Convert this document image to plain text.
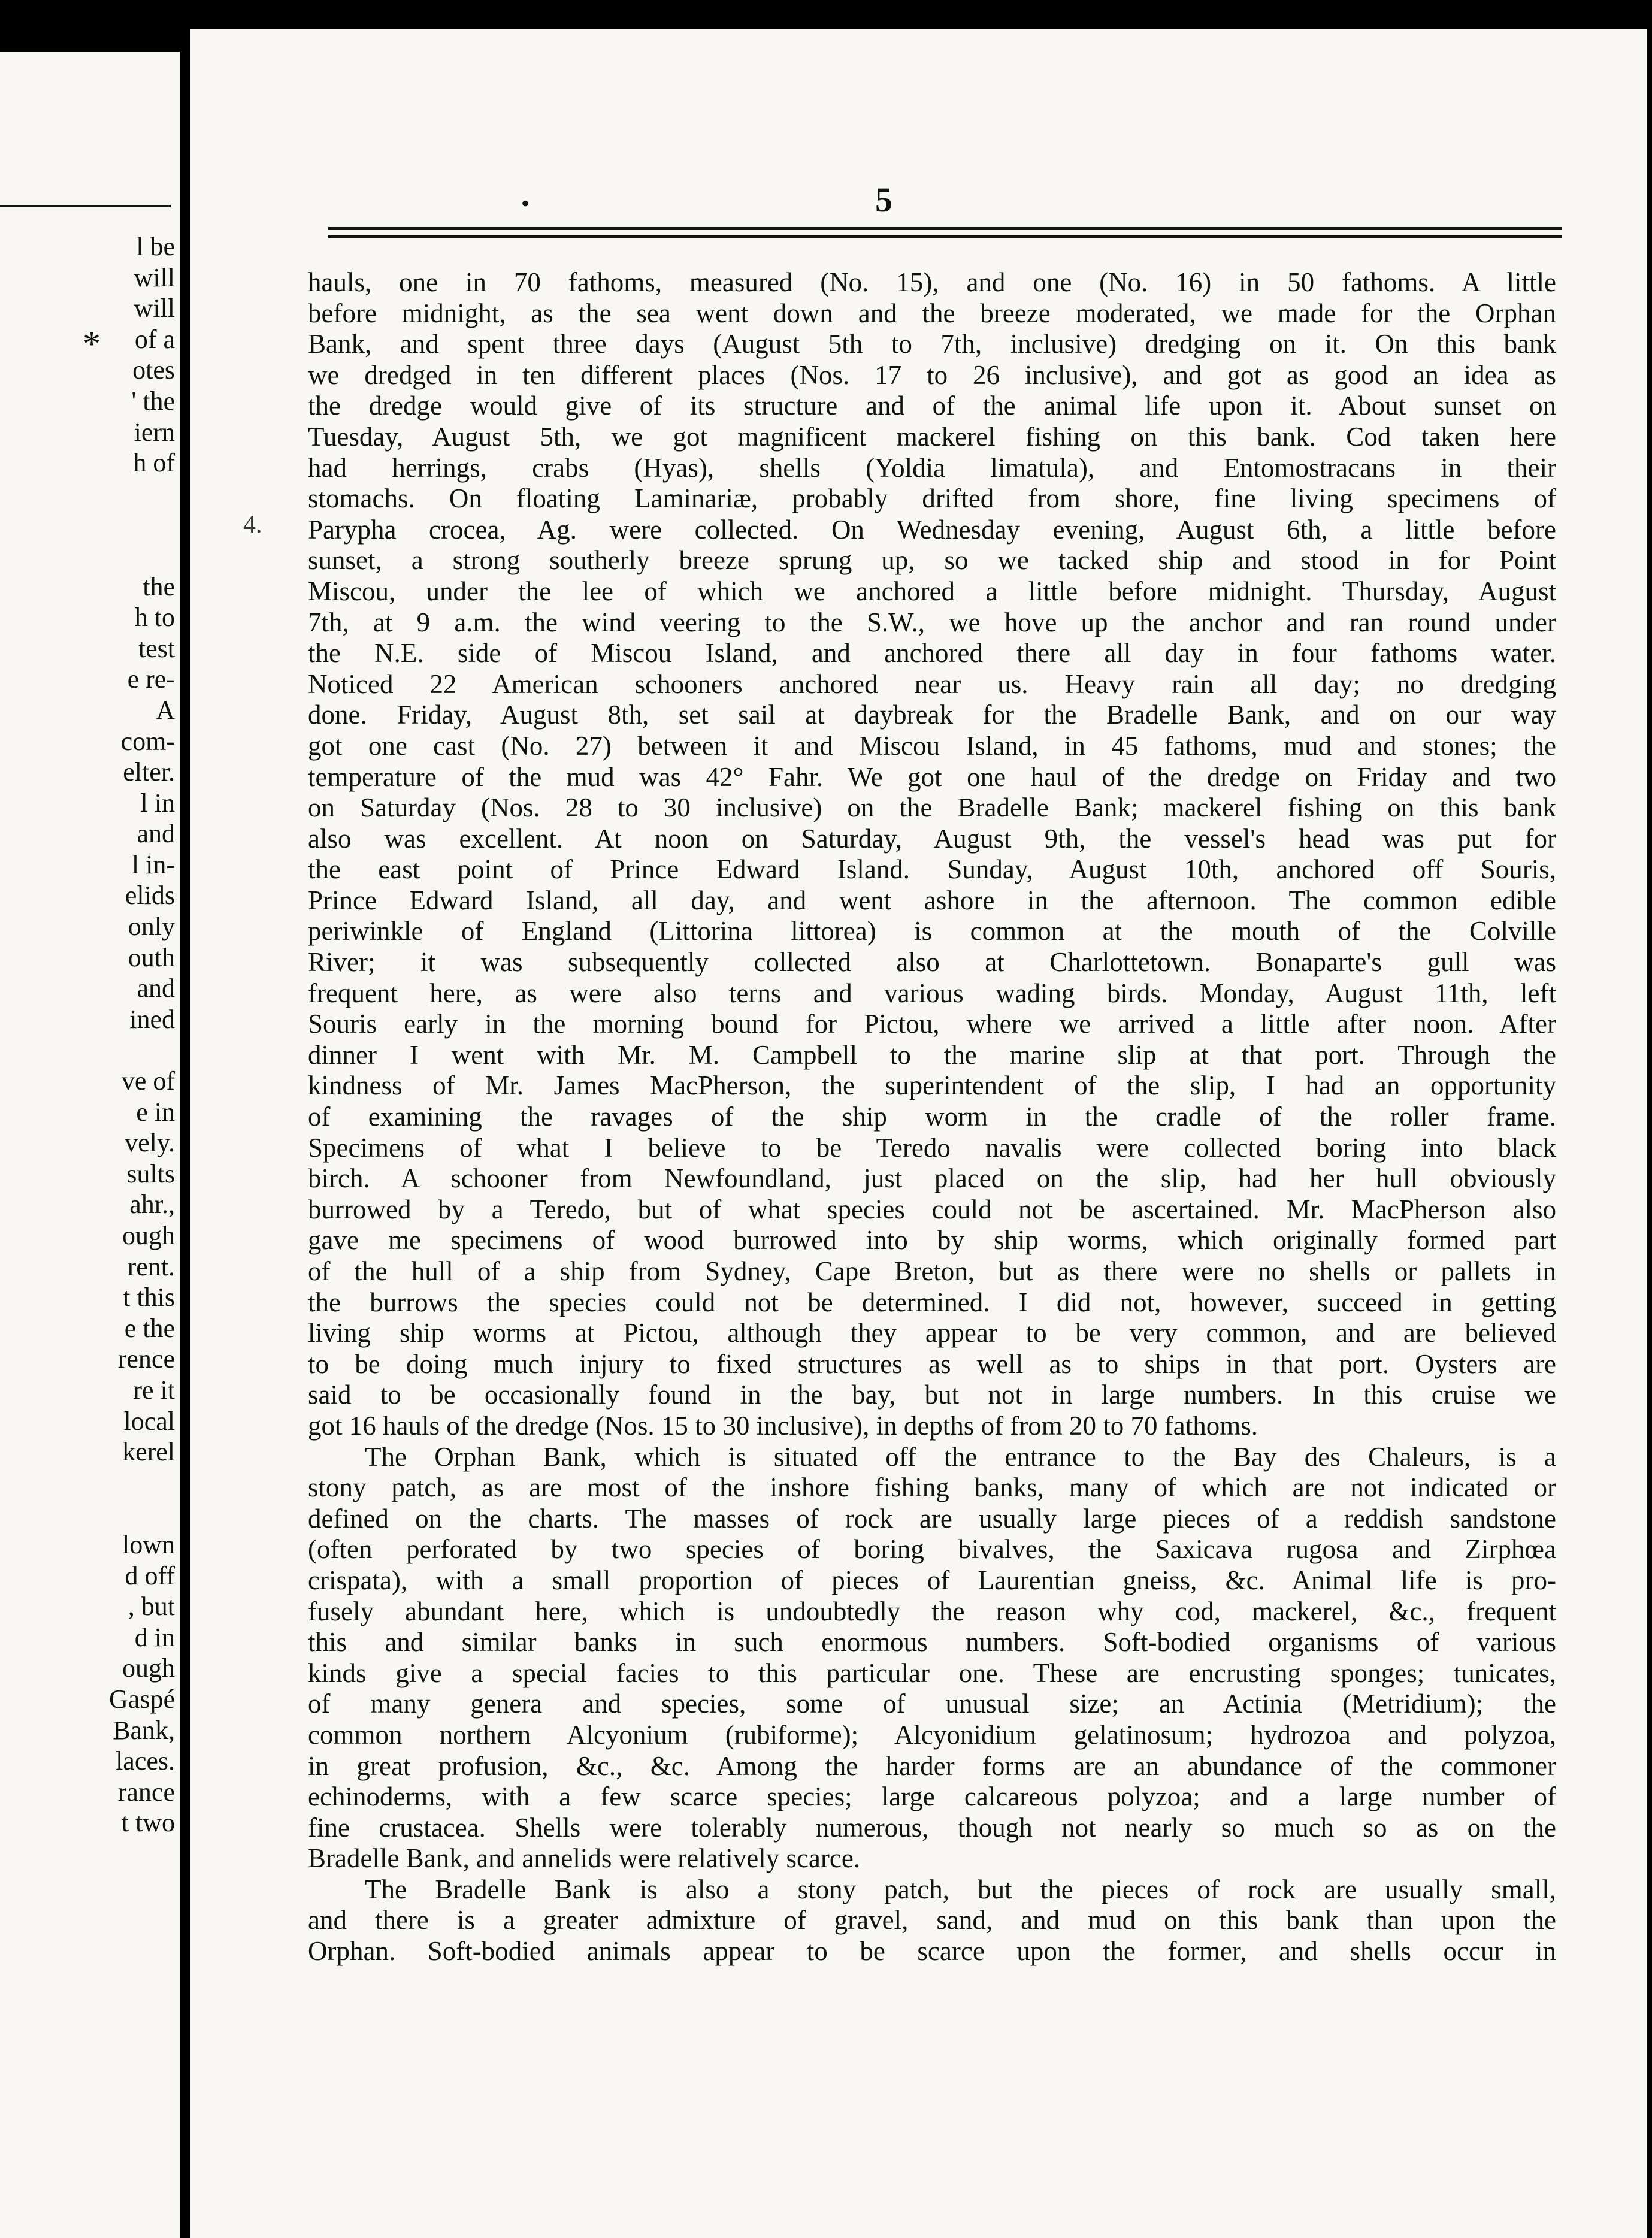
l be
will
will
of a
otes
' the
iern
h of
the
h to
test
e re-
A
com-
elter.
l in
and
l in-
elids
only
outh
and
ined
ve of
e in
vely.
sults
ahr.,
ough
rent.
t this
e the
rence
re it
local
kerel
lown
d off
, but
d in
ough
Gaspé
Bank,
laces.
rance
t two
*
•	5
4.
hauls, one in 70 fathoms, measured (No. 15), and one (No. 16) in 50 fathoms. A little
before midnight, as the sea went down and the breeze moderated, we made for the Orphan
Bank, and spent three days (August 5th to 7th, inclusive) dredging on it. On this bank
we dredged in ten different places (Nos. 17 to 26 inclusive), and got as good an idea as
the dredge would give of its structure and of the animal life upon it. About sunset on
Tuesday, August 5th, we got magnificent mackerel fishing on this bank. Cod taken here
had herrings, crabs (Hyas), shells (Yoldia limatula), and Entomostracans in their
stomachs. On floating Laminariæ, probably drifted from shore, fine living specimens of
Parypha crocea, Ag. were collected. On Wednesday evening, August 6th, a little before
sunset, a strong southerly breeze sprung up, so we tacked ship and stood in for Point
Miscou, under the lee of which we anchored a little before midnight. Thursday, August
7th, at 9 a.m. the wind veering to the S.W., we hove up the anchor and ran round under
the N.E. side of Miscou Island, and anchored there all day in four fathoms water.
Noticed 22 American schooners anchored near us. Heavy rain all day; no dredging
done. Friday, August 8th, set sail at daybreak for the Bradelle Bank, and on our way
got one cast (No. 27) between it and Miscou Island, in 45 fathoms, mud and stones; the
temperature of the mud was 42° Fahr. We got one haul of the dredge on Friday and two
on Saturday (Nos. 28 to 30 inclusive) on the Bradelle Bank; mackerel fishing on this bank
also was excellent. At noon on Saturday, August 9th, the vessel's head was put for
the east point of Prince Edward Island. Sunday, August 10th, anchored off Souris,
Prince Edward Island, all day, and went ashore in the afternoon. The common edible
periwinkle of England (Littorina littorea) is common at the mouth of the Colville
River; it was subsequently collected also at Charlottetown. Bonaparte's gull was
frequent here, as were also terns and various wading birds. Monday, August 11th, left
Souris early in the morning bound for Pictou, where we arrived a little after noon. After
dinner I went with Mr. M. Campbell to the marine slip at that port. Through the
kindness of Mr. James MacPherson, the superintendent of the slip, I had an opportunity
of examining the ravages of the ship worm in the cradle of the roller frame.
Specimens of what I believe to be Teredo navalis were collected boring into black
birch. A schooner from Newfoundland, just placed on the slip, had her hull obviously
burrowed by a Teredo, but of what species could not be ascertained. Mr. MacPherson also
gave me specimens of wood burrowed into by ship worms, which originally formed part
of the hull of a ship from Sydney, Cape Breton, but as there were no shells or pallets in
the burrows the species could not be determined. I did not, however, succeed in getting
living ship worms at Pictou, although they appear to be very common, and are believed
to be doing much injury to fixed structures as well as to ships in that port. Oysters are
said to be occasionally found in the bay, but not in large numbers. In this cruise we
got 16 hauls of the dredge (Nos. 15 to 30 inclusive), in depths of from 20 to 70 fathoms.
The Orphan Bank, which is situated off the entrance to the Bay des Chaleurs, is a
stony patch, as are most of the inshore fishing banks, many of which are not indicated or
defined on the charts. The masses of rock are usually large pieces of a reddish sandstone
(often perforated by two species of boring bivalves, the Saxicava rugosa and Zirphœa
crispata), with a small proportion of pieces of Laurentian gneiss, &c. Animal life is pro-
fusely abundant here, which is undoubtedly the reason why cod, mackerel, &c., frequent
this and similar banks in such enormous numbers. Soft-bodied organisms of various
kinds give a special facies to this particular one. These are encrusting sponges; tunicates,
of many genera and species, some of unusual size; an Actinia (Metridium); the
common northern Alcyonium (rubiforme); Alcyonidium gelatinosum; hydrozoa and polyzoa,
in great profusion, &c., &c. Among the harder forms are an abundance of the commoner
echinoderms, with a few scarce species; large calcareous polyzoa; and a large number of
fine crustacea. Shells were tolerably numerous, though not nearly so much so as on the
Bradelle Bank, and annelids were relatively scarce.
The Bradelle Bank is also a stony patch, but the pieces of rock are usually small,
and there is a greater admixture of gravel, sand, and mud on this bank than upon the
Orphan. Soft-bodied animals appear to be scarce upon the former, and shells occur in
